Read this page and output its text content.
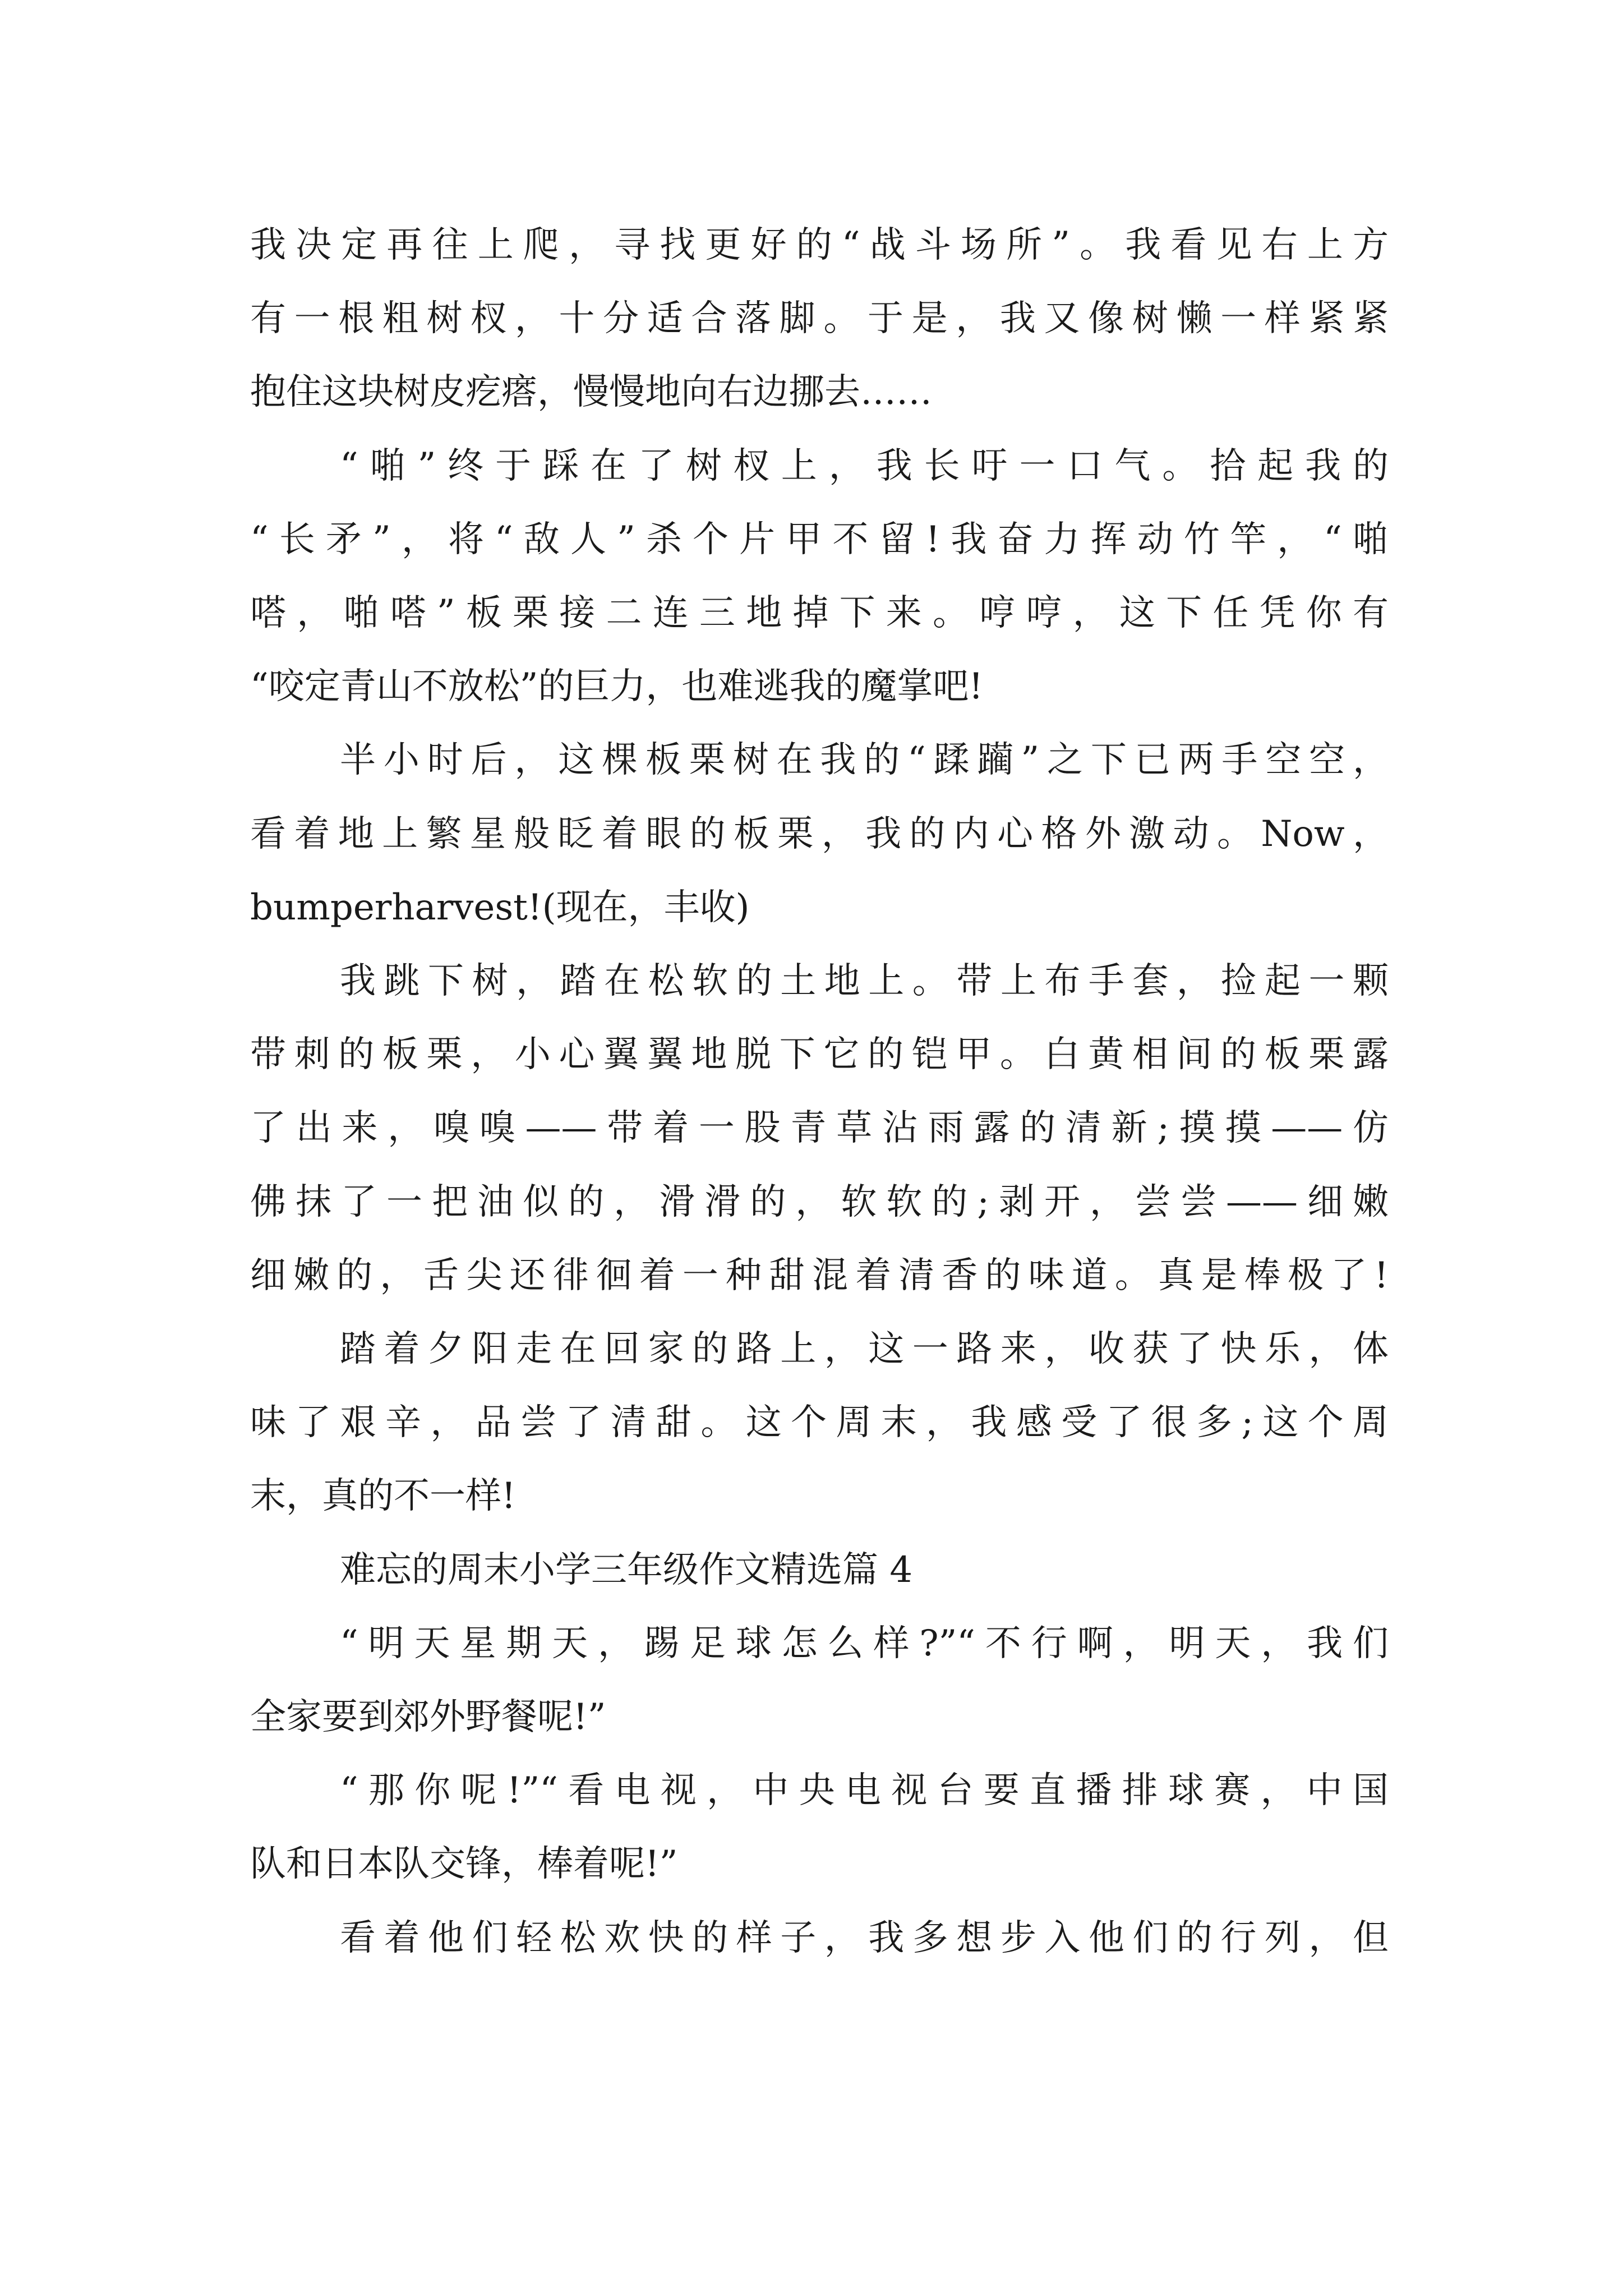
我决定再往上爬，寻找更好的“战斗场所”。我看见右上方
有一根粗树杈，十分适合落脚。于是，我又像树懒一样紧紧
抱住这块树皮疙瘩，慢慢地向右边挪去……
“啪”终于踩在了树杈上，我长吁一口气。拾起我的
“长矛”，将“敌人”杀个片甲不留!我奋力挥动竹竿，“啪
嗒，啪嗒”板栗接二连三地掉下来。哼哼，这下任凭你有
“咬定青山不放松”的巨力，也难逃我的魔掌吧!
半小时后，这棵板栗树在我的“蹂躏”之下已两手空空，
看着地上繁星般眨着眼的板栗，我的内心格外激动。Now，
bumperharvest!(现在，丰收)
我跳下树，踏在松软的土地上。带上布手套，捡起一颗
带刺的板栗，小心翼翼地脱下它的铠甲。白黄相间的板栗露
了出来，嗅嗅——带着一股青草沾雨露的清新;摸摸——仿
佛抹了一把油似的，滑滑的，软软的;剥开，尝尝——细嫩
细嫩的，舌尖还徘徊着一种甜混着清香的味道。真是棒极了!
踏着夕阳走在回家的路上，这一路来，收获了快乐，体
味了艰辛，品尝了清甜。这个周末，我感受了很多;这个周
末，真的不一样!
难忘的周末小学三年级作文精选篇 4
“明天星期天，踢足球怎么样?”“不行啊，明天，我们
全家要到郊外野餐呢!”
“那你呢!”“看电视，中央电视台要直播排球赛，中国
队和日本队交锋，棒着呢!”
看着他们轻松欢快的样子，我多想步入他们的行列，但
